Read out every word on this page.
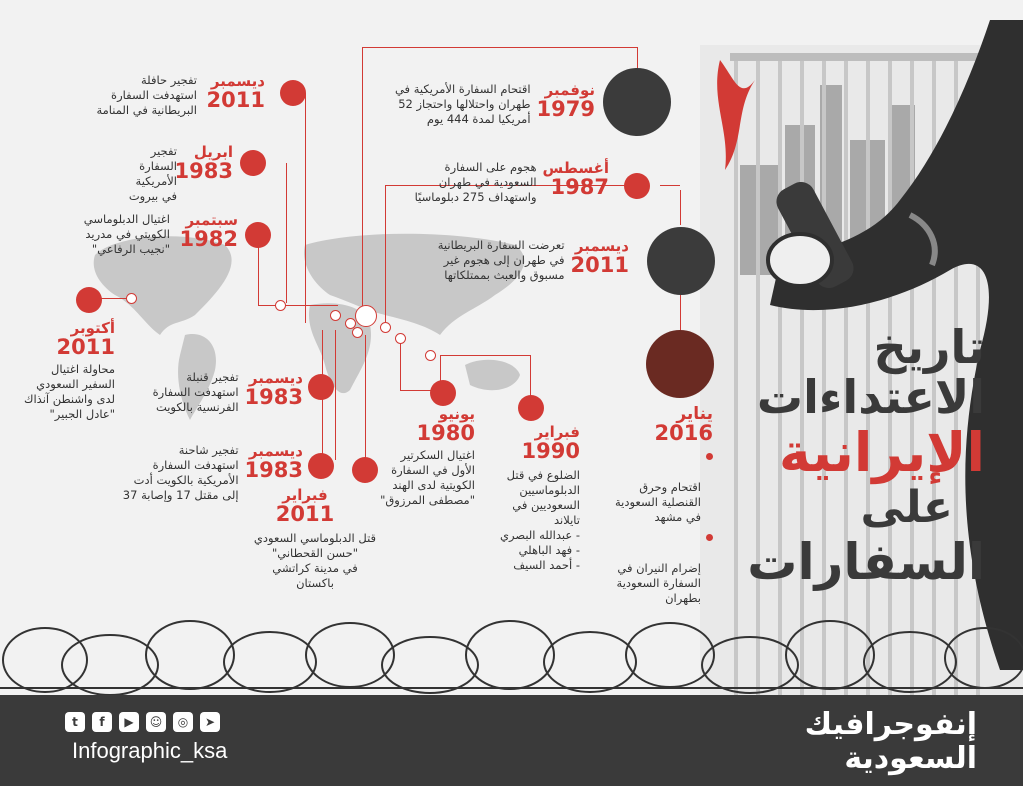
ديسمبر
2011
تفجير حافلة
استهدفت السفارة
البريطانية في المنامة
ابريل
1983
تفجير
السفارة الأمريكية
في بيروت
سبتمبر
1982
اغتيال الدبلوماسي
الكويتي في مدريد
"نجيب الرفاعي"
أكتوبر
2011
محاولة اغتيال
السفير السعودي
لدى واشنطن آنذاك
"عادل الجبير"
ديسمبر
1983
تفجير قنبلة
استهدفت السفارة
الفرنسية بالكويت
ديسمبر
1983
تفجير شاحنة
استهدفت السفارة
الأمريكية بالكويت أدت
إلى مقتل 17 وإصابة 37	فبراير
2011
قتل الدبلوماسي السعودي
"حسن القحطاني"
في مدينة كراتشي
باكستان
يونيو
1980
اغتيال السكرتير
الأول في السفارة
الكويتية لدى الهند
"مصطفى المرزوق"
فبراير
1990
الضلوع في قتل
الدبلوماسيين
السعوديين في
تايلاند
- عبدالله البصري
- فهد الباهلي
- أحمد السيف
نوفمبر
1979
اقتحام السفارة الأمريكية في
طهران واحتلالها واحتجاز 52
أمريكيا لمدة 444 يوم
أغسطس
1987
هجوم على السفارة
السعودية في طهران
واستهداف 275 دبلوماسيًا
ديسمبر
2011
تعرضت السفارة البريطانية
في طهران إلى هجوم غير
مسبوق والعبث بممتلكاتها
يناير
2016

اقتحام وحرق القنصلية السعودية في مشهد

إضرام النيران في السفارة السعودية بطهران

تاريخ
الاعتداءات
الإيرانية
على
السفارات
t	f	▶	☺	◎	➤
Infographic_ksa
إنفوجرافيك
السعودية
